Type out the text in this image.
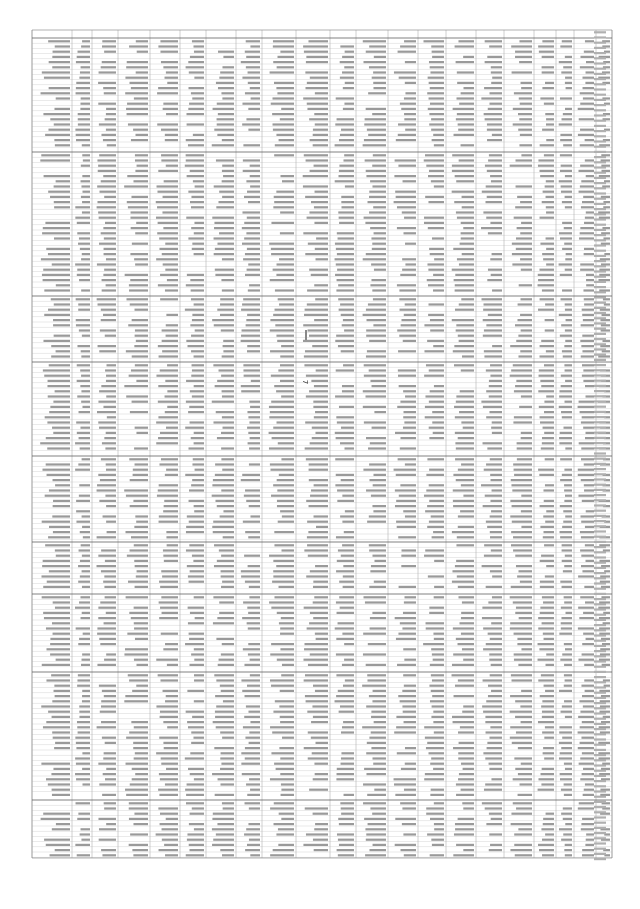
7
